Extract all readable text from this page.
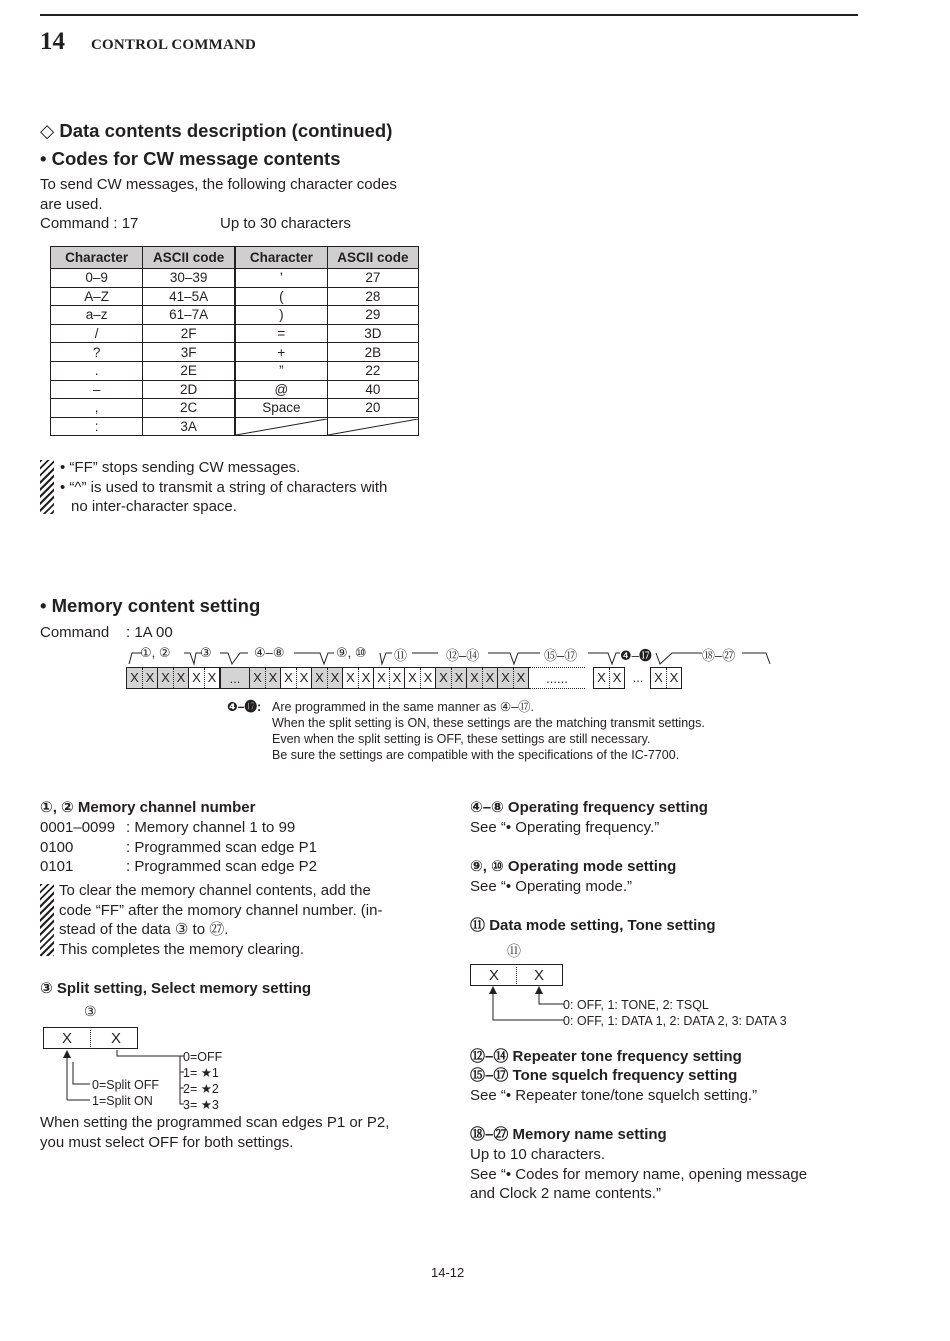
14 CONTROL COMMAND
◇ Data contents description (continued)
• Codes for CW message contents
To send CW messages, the following character codes
are used.
Command : 17	Up to 30 characters
Character	ASCII code	Character	ASCII code
0–9	30–39	’	27
A–Z	41–5A	(	28
a–z	61–7A	)	29
/	2F	=	3D
?	3F	+	2B
.	2E	”	22
–	2D	@	40
,	2C	Space	20
:	3A	

• “FF” stops sending CW messages.
• “^” is used to transmit a string of characters with
no inter-character space.
• Memory content setting
Command : 1A 00
①, ② ③	④–⑧	⑨, ⑩ ⑪	⑫–⑭	⑮–⑰	❹–⓱	⑱–㉗
X X X X X X	... X X X X X X X X X X X X X X X X X X	......	X X ... X X
❹–⓱: Are programmed in the same manner as ④–⑰.
When the split setting is ON, these settings are the matching transmit settings.
Even when the split setting is OFF, these settings are still necessary.
Be sure the settings are compatible with the specifications of the IC-7700.
①, ② Memory channel number
0001–0099 : Memory channel 1 to 99
0100	: Programmed scan edge P1
0101	: Programmed scan edge P2
To clear the memory channel contents, add the
code “FF” after the momory channel number. (in-
stead of the data ③ to ㉗.
This completes the memory clearing.
③ Split setting, Select memory setting
③
X	X
0=OFF
1= ★1
2= ★2
3= ★3
0=Split OFF
1=Split ON
When setting the programmed scan edges P1 or P2,
you must select OFF for both settings.
④–⑧ Operating frequency setting
See “• Operating frequency.”
⑨, ⑩ Operating mode setting
See “• Operating mode.”
⑪ Data mode setting, Tone setting
⑪
X X
0: OFF, 1: TONE, 2: TSQL
0: OFF, 1: DATA 1, 2: DATA 2, 3: DATA 3
⑫–⑭ Repeater tone frequency setting
⑮–⑰ Tone squelch frequency setting
See “• Repeater tone/tone squelch setting.”
⑱–㉗ Memory name setting
Up to 10 characters.
See “• Codes for memory name, opening message
and Clock 2 name contents.”
14-12
